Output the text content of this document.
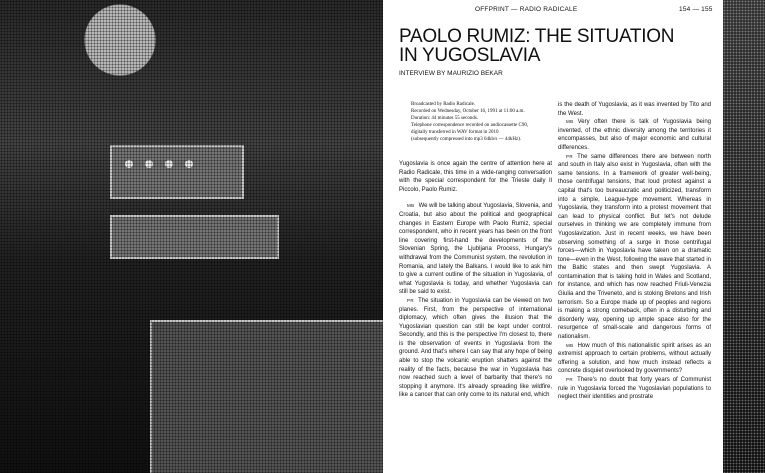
OFFPRINT — RADIO RADICALE	154 — 155
PAOLO RUMIZ: THE SITUATION
IN YUGOSLAVIA
INTERVIEW BY MAURIZIO BEKAR
Broadcasted by Radio Radicale.
Recorded on Wednesday, October 16, 1991 at 11:00 a.m.
Duration: 44 minutes 55 seconds.
Telephone correspondence recorded on audiocassette C90,
digitally transferred in WAV format in 2010
(subsequently compressed into mp3 64kb/s — 44kHz).

Yugoslavia is once again the centre of attention here at Radio Radicale, this time in a wide-ranging conversation with the special correspondent for the Trieste daily Il Piccolo, Paolo Rumiz.

MB We will be talking about Yugoslavia, Slovenia, and Croatia, but also about the political and geographical changes in Eastern Europe with Paolo Rumiz, special correspondent, who in recent years has been on the front line covering first-hand the developments of the Slovenian Spring, the Ljubljana Process, Hungary's withdrawal from the Communist system, the revolution in Romania, and lately the Balkans. I would like to ask him to give a current outline of the situation in Yugoslavia, of what Yugoslavia is today, and whether Yugoslavia can still be said to exist.

PR The situation in Yugoslavia can be viewed on two planes. First, from the perspective of international diplomacy, which often gives the illusion that the Yugoslavian question can still be kept under control. Secondly, and this is the perspective I'm closest to, there is the observation of events in Yugoslavia from the ground. And that's where I can say that any hope of being able to stop the volcanic eruption shatters against the reality of the facts, because the war in Yugoslavia has now reached such a level of barbarity that there's no stopping it anymore. It's already spreading like wildfire, like a cancer that can only come to its natural end, which

is the death of Yugoslavia, as it was invented by Tito and the West.

MB Very often there is talk of Yugoslavia being invented, of the ethnic diversity among the territories it encompasses, but also of major economic and cultural differences.

PR The same differences there are between north and south in Italy also exist in Yugoslavia, often with the same tensions. In a framework of greater well-being, those centrifugal tensions, that loud protest against a capital that's too bureaucratic and politicized, transform into a simple, League-type movement. Whereas in Yugoslavia, they transform into a protest movement that can lead to physical conflict. But let's not delude ourselves in thinking we are completely immune from Yugoslavization. Just in recent weeks, we have been observing something of a surge in those centrifugal forces—which in Yugoslavia have taken on a dramatic tone—even in the West, following the wave that started in the Baltic states and then swept Yugoslavia. A contamination that is taking hold in Wales and Scotland, for instance, and which has now reached Friuli-Venezia Giulia and the Triveneto, and is stoking Bretons and Irish terrorism. So a Europe made up of peoples and regions is making a strong comeback, often in a disturbing and disorderly way, opening up ample space also for the resurgence of small-scale and dangerous forms of nationalism.

MB How much of this nationalistic spirit arises as an extremist approach to certain problems, without actually offering a solution, and how much instead reflects a concrete disquiet overlooked by governments?

PR There's no doubt that forty years of Communist rule in Yugoslavia forced the Yugoslavian populations to neglect their identities and prostrate
